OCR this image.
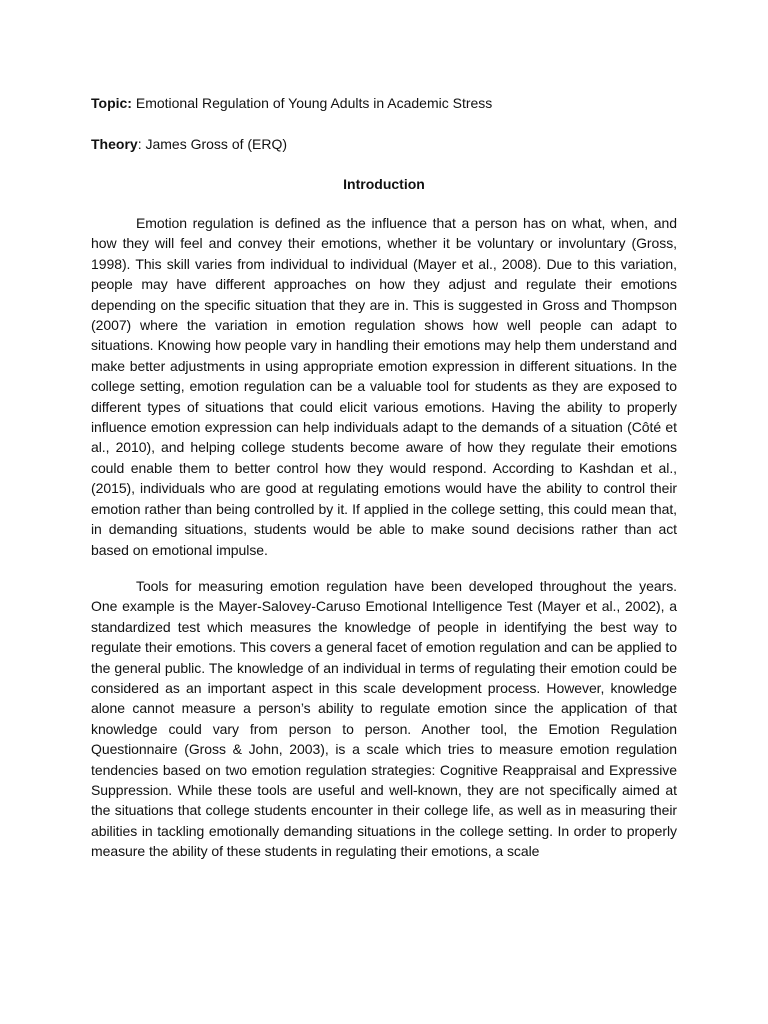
Topic: Emotional Regulation of Young Adults in Academic Stress

Theory: James Gross of (ERQ)

Introduction

Emotion regulation is defined as the influence that a person has on what, when, and how they will feel and convey their emotions, whether it be voluntary or involuntary (Gross, 1998). This skill varies from individual to individual (Mayer et al., 2008). Due to this variation, people may have different approaches on how they adjust and regulate their emotions depending on the specific situation that they are in. This is suggested in Gross and Thompson (2007) where the variation in emotion regulation shows how well people can adapt to situations. Knowing how people vary in handling their emotions may help them understand and make better adjustments in using appropriate emotion expression in different situations. In the college setting, emotion regulation can be a valuable tool for students as they are exposed to different types of situations that could elicit various emotions. Having the ability to properly influence emotion expression can help individuals adapt to the demands of a situation (Côté et al., 2010), and helping college students become aware of how they regulate their emotions could enable them to better control how they would respond. According to Kashdan et al., (2015), individuals who are good at regulating emotions would have the ability to control their emotion rather than being controlled by it. If applied in the college setting, this could mean that, in demanding situations, students would be able to make sound decisions rather than act based on emotional impulse.

Tools for measuring emotion regulation have been developed throughout the years. One example is the Mayer-Salovey-Caruso Emotional Intelligence Test (Mayer et al., 2002), a standardized test which measures the knowledge of people in identifying the best way to regulate their emotions. This covers a general facet of emotion regulation and can be applied to the general public. The knowledge of an individual in terms of regulating their emotion could be considered as an important aspect in this scale development process. However, knowledge alone cannot measure a person’s ability to regulate emotion since the application of that knowledge could vary from person to person. Another tool, the Emotion Regulation Questionnaire (Gross & John, 2003), is a scale which tries to measure emotion regulation tendencies based on two emotion regulation strategies: Cognitive Reappraisal and Expressive Suppression. While these tools are useful and well-known, they are not specifically aimed at the situations that college students encounter in their college life, as well as in measuring their abilities in tackling emotionally demanding situations in the college setting. In order to properly measure the ability of these students in regulating their emotions, a scale
